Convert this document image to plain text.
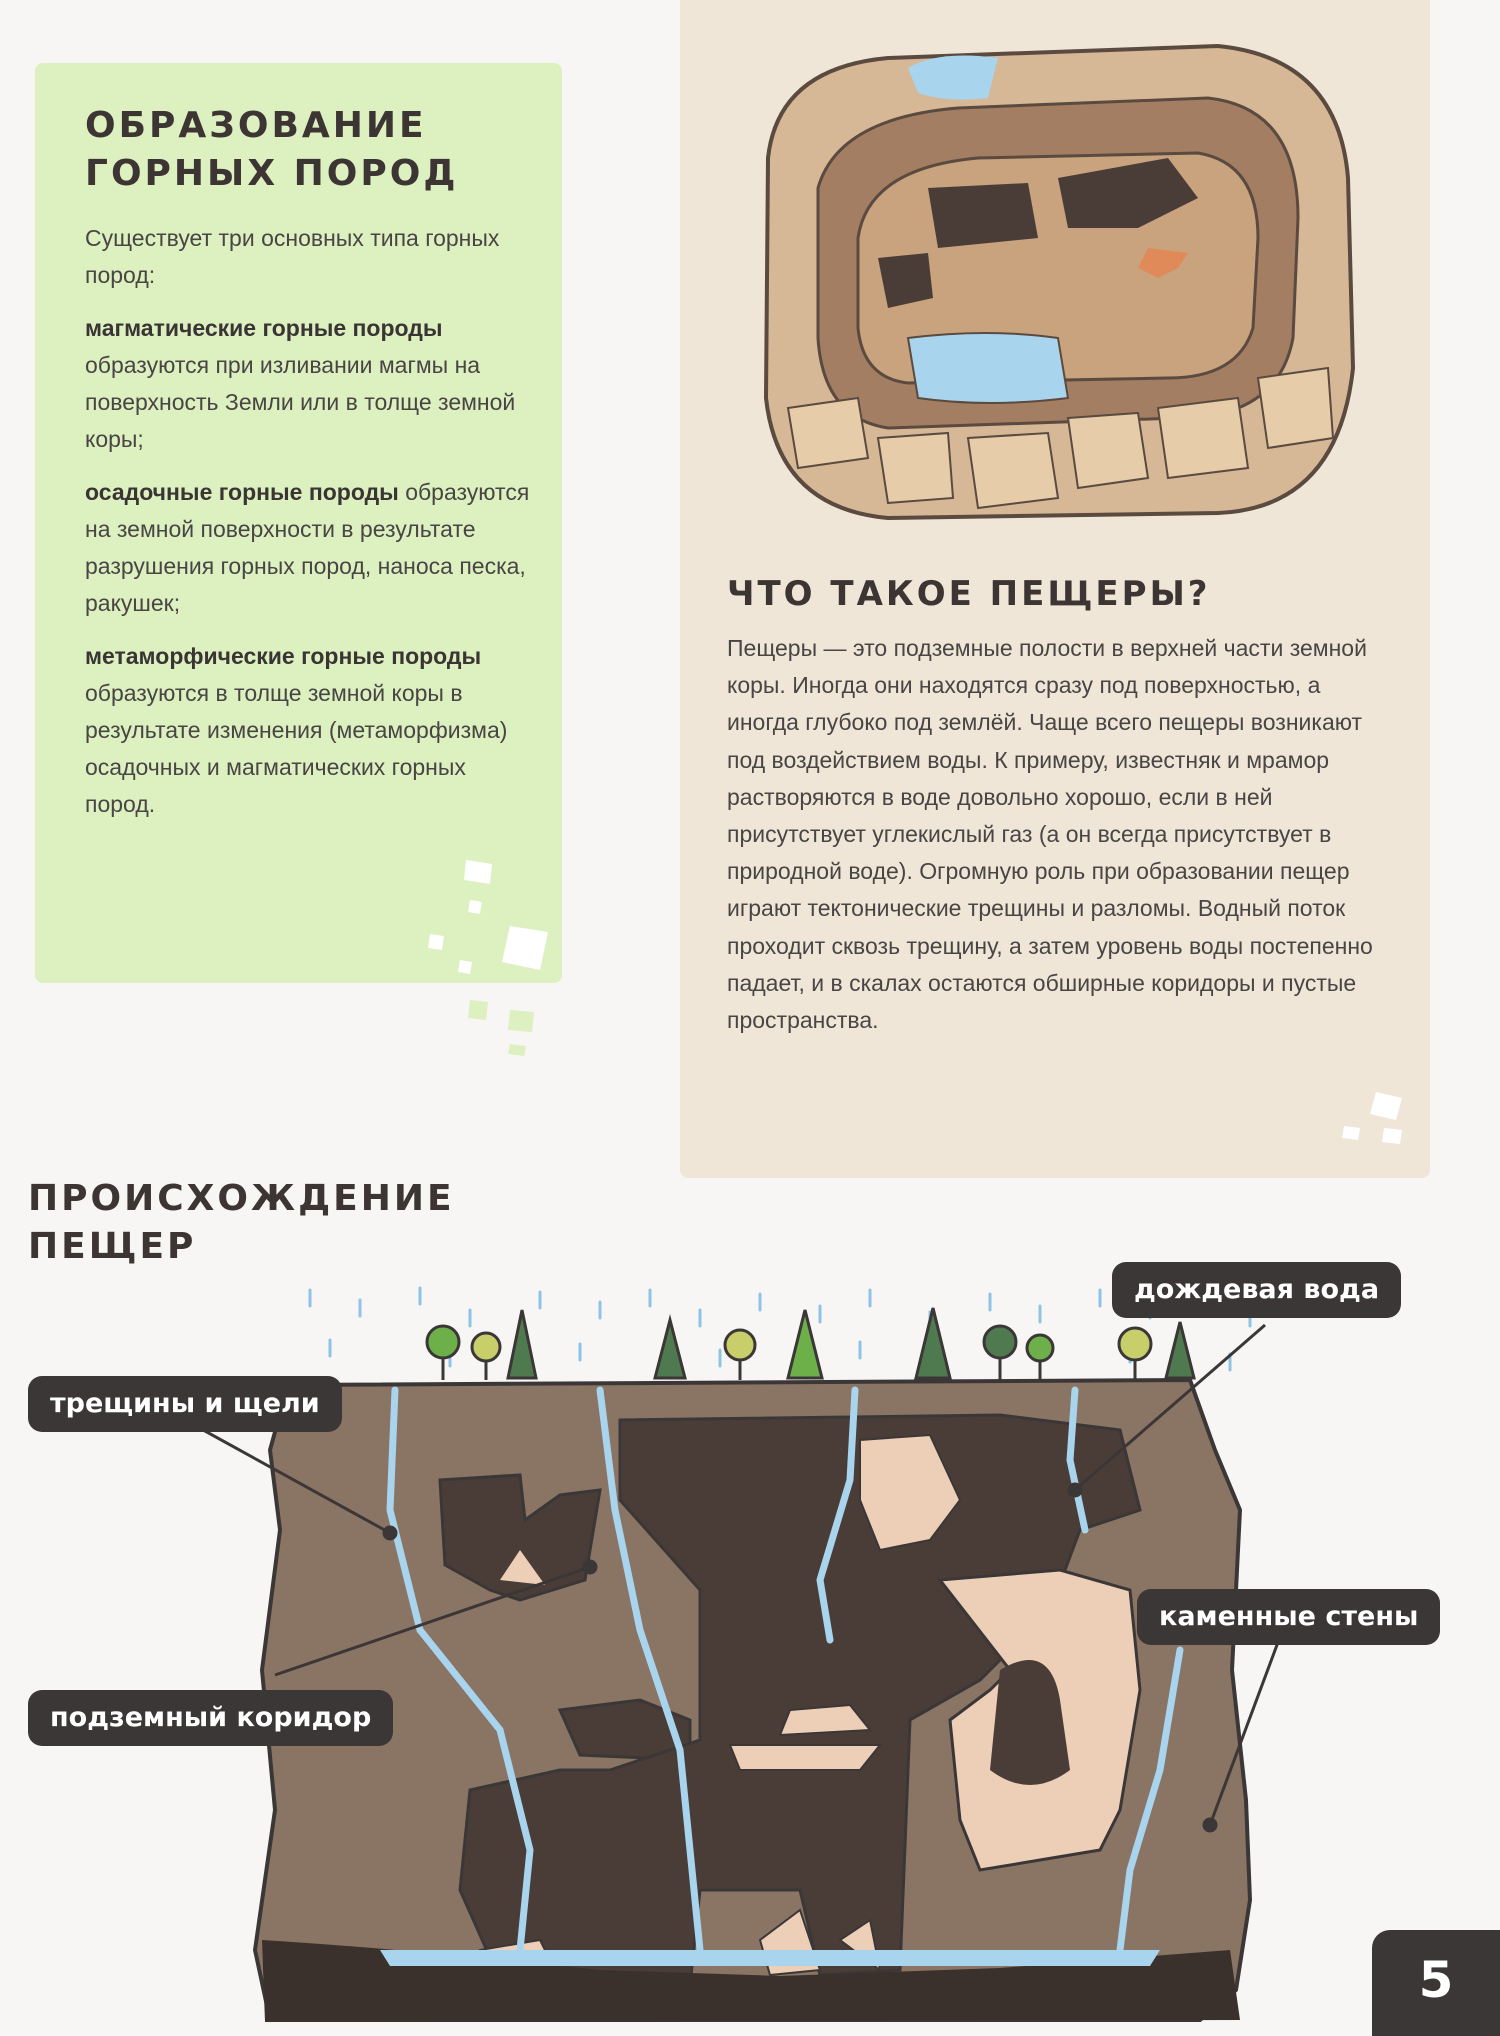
ОБРАЗОВАНИЕ ГОРНЫХ ПОРОД

Существует три основных типа горных пород:

магматические горные породы образуются при изливании магмы на поверхность Земли или в толще земной коры;

осадочные горные породы образуются на земной поверхности в результате разрушения горных пород, наноса песка, ракушек;

метаморфические горные породы образуются в толще земной коры в результате изменения (метаморфизма) осадочных и магматических горных пород.

ЧТО ТАКОЕ ПЕЩЕРЫ?

Пещеры — это подземные полости в верхней части земной коры. Иногда они находятся сразу под поверхностью, а иногда глубоко под землёй. Чаще всего пещеры возникают под воздействием воды. К примеру, известняк и мрамор растворяются в воде довольно хорошо, если в ней присутствует углекислый газ (а он всегда присутствует в природной воде). Огромную роль при образовании пещер играют тектонические трещины и разломы. Водный поток проходит сквозь трещину, а затем уровень воды постепенно падает, и в скалах остаются обширные коридоры и пустые пространства.

ПРОИСХОЖДЕНИЕ ПЕЩЕР
трещины и щели
дождевая вода
каменные стены
подземный коридор
5
